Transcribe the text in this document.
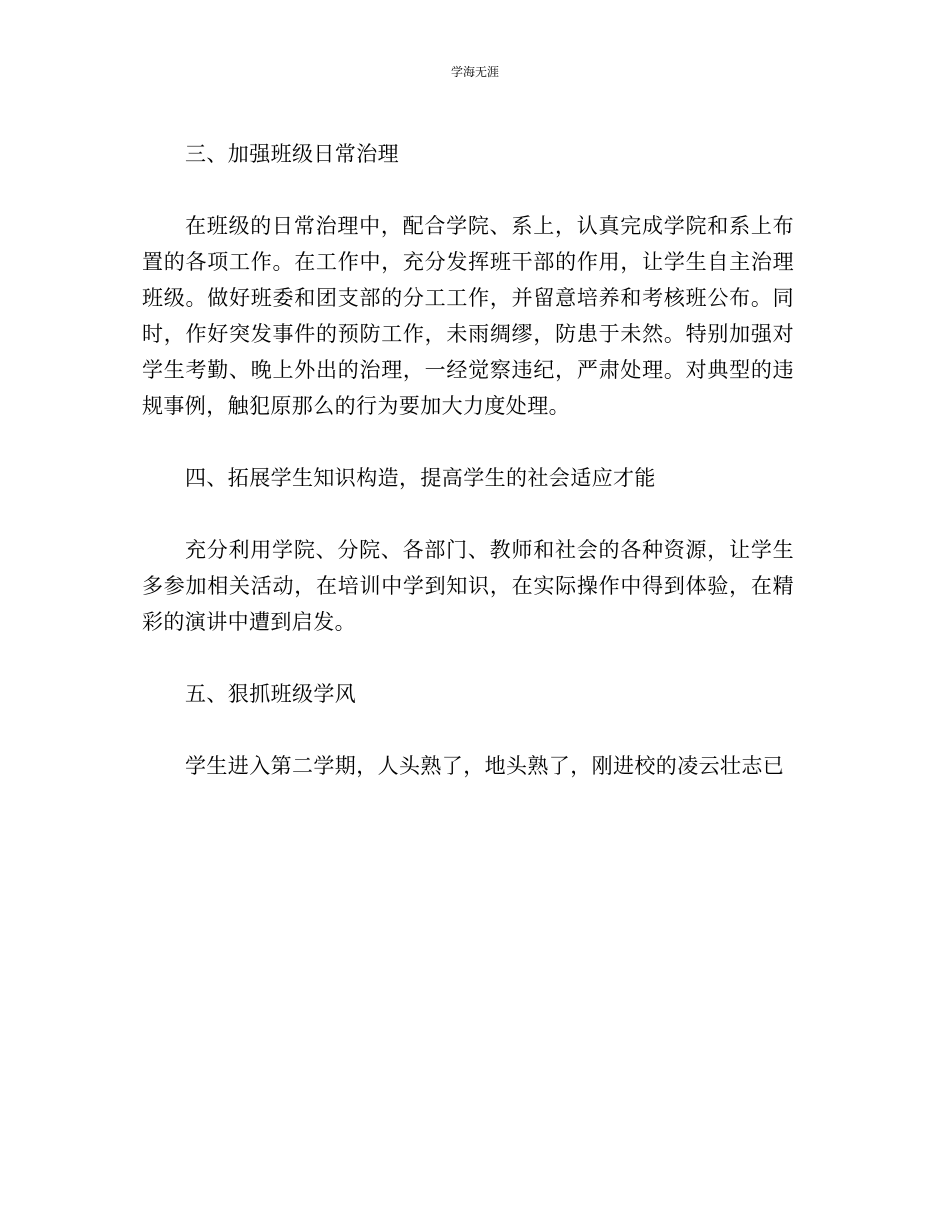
学海无涯

三、加强班级日常治理

在班级的日常治理中，配合学院、系上，认真完成学院和系上布置的各项工作。在工作中，充分发挥班干部的作用，让学生自主治理班级。做好班委和团支部的分工工作，并留意培养和考核班公布。同时，作好突发事件的预防工作，未雨绸缪，防患于未然。特别加强对学生考勤、晚上外出的治理，一经觉察违纪，严肃处理。对典型的违规事例，触犯原那么的行为要加大力度处理。

四、拓展学生知识构造，提高学生的社会适应才能

充分利用学院、分院、各部门、教师和社会的各种资源，让学生多参加相关活动，在培训中学到知识，在实际操作中得到体验，在精彩的演讲中遭到启发。

五、狠抓班级学风

学生进入第二学期，人头熟了，地头熟了，刚进校的凌云壮志已
